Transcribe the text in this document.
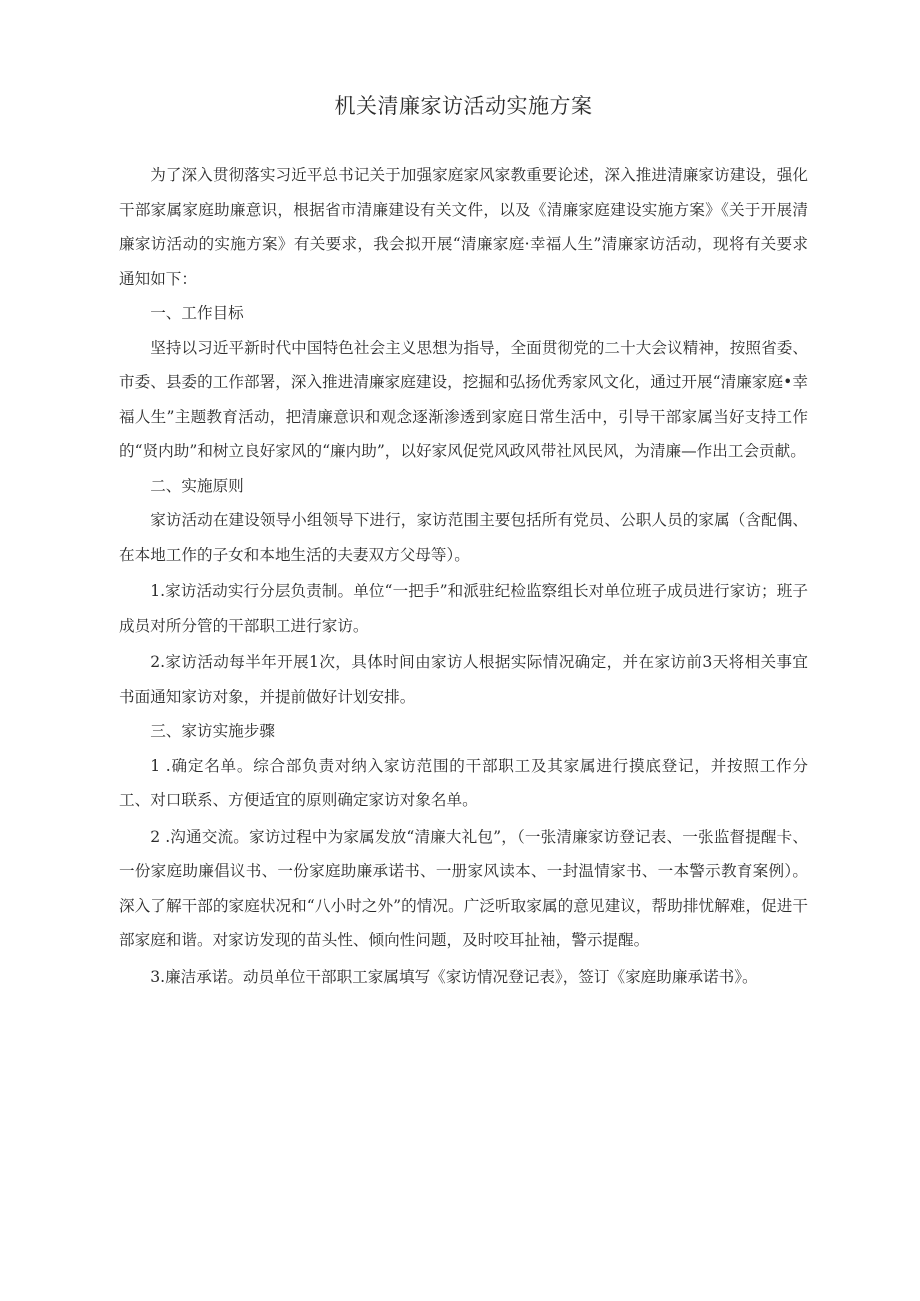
机关清廉家访活动实施方案

为了深入贯彻落实习近平总书记关于加强家庭家风家教重要论述，深入推进清廉家访建设，强化干部家属家庭助廉意识，根据省市清廉建设有关文件，以及《清廉家庭建设实施方案》《关于开展清廉家访活动的实施方案》有关要求，我会拟开展“清廉家庭·幸福人生”清廉家访活动，现将有关要求通知如下：

一、工作目标

坚持以习近平新时代中国特色社会主义思想为指导，全面贯彻党的二十大会议精神，按照省委、市委、县委的工作部署，深入推进清廉家庭建设，挖掘和弘扬优秀家风文化，通过开展“清廉家庭•幸福人生”主题教育活动，把清廉意识和观念逐渐渗透到家庭日常生活中，引导干部家属当好支持工作的“贤内助”和树立良好家风的“廉内助”，以好家风促党风政风带社风民风，为清廉—作出工会贡献。

二、实施原则

家访活动在建设领导小组领导下进行，家访范围主要包括所有党员、公职人员的家属（含配偶、在本地工作的子女和本地生活的夫妻双方父母等）。

1.家访活动实行分层负责制。单位“一把手”和派驻纪检监察组长对单位班子成员进行家访；班子成员对所分管的干部职工进行家访。

2.家访活动每半年开展1次，具体时间由家访人根据实际情况确定，并在家访前3天将相关事宜书面通知家访对象，并提前做好计划安排。

三、家访实施步骤

1 .确定名单。综合部负责对纳入家访范围的干部职工及其家属进行摸底登记，并按照工作分工、对口联系、方便适宜的原则确定家访对象名单。

2 .沟通交流。家访过程中为家属发放“清廉大礼包”，（一张清廉家访登记表、一张监督提醒卡、一份家庭助廉倡议书、一份家庭助廉承诺书、一册家风读本、一封温情家书、一本警示教育案例）。深入了解干部的家庭状况和“八小时之外”的情况。广泛听取家属的意见建议，帮助排忧解难，促进干部家庭和谐。对家访发现的苗头性、倾向性问题，及时咬耳扯袖，警示提醒。

3.廉洁承诺。动员单位干部职工家属填写《家访情况登记表》，签订《家庭助廉承诺书》。
